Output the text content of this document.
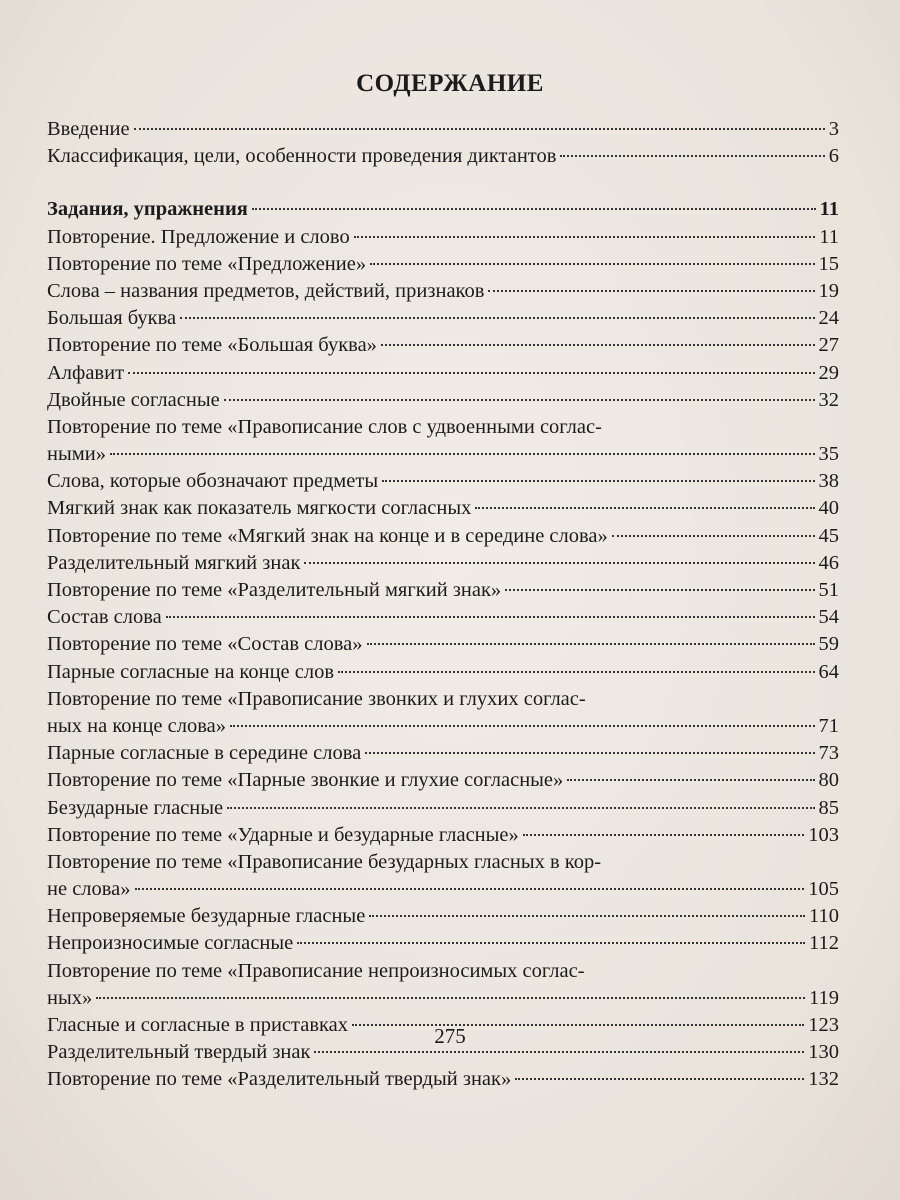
СОДЕРЖАНИЕ
Введение	3
Классификация, цели, особенности проведения диктантов	6
Задания, упражнения	11
Повторение. Предложение и слово	11
Повторение по теме «Предложение»	15
Слова – названия предметов, действий, признаков	19
Большая буква	24
Повторение по теме «Большая буква»	27
Алфавит	29
Двойные согласные	32
Повторение по теме «Правописание слов с удвоенными соглас-
ными»	35
Слова, которые обозначают предметы	38
Мягкий знак как показатель мягкости согласных	40
Повторение по теме «Мягкий знак на конце и в середине слова»	45
Разделительный мягкий знак	46
Повторение по теме «Разделительный мягкий знак»	51
Состав слова	54
Повторение по теме «Состав слова»	59
Парные согласные на конце слов	64
Повторение по теме «Правописание звонких и глухих соглас-
ных на конце слова»	71
Парные согласные в середине слова	73
Повторение по теме «Парные звонкие и глухие согласные»	80
Безударные гласные	85
Повторение по теме «Ударные и безударные гласные»	103
Повторение по теме «Правописание безударных гласных в кор-
не слова»	105
Непроверяемые безударные гласные	110
Непроизносимые согласные	112
Повторение по теме «Правописание непроизносимых соглас-
ных»	119
Гласные и согласные в приставках	123
Разделительный твердый знак	130
Повторение по теме «Разделительный твердый знак»	132
275
